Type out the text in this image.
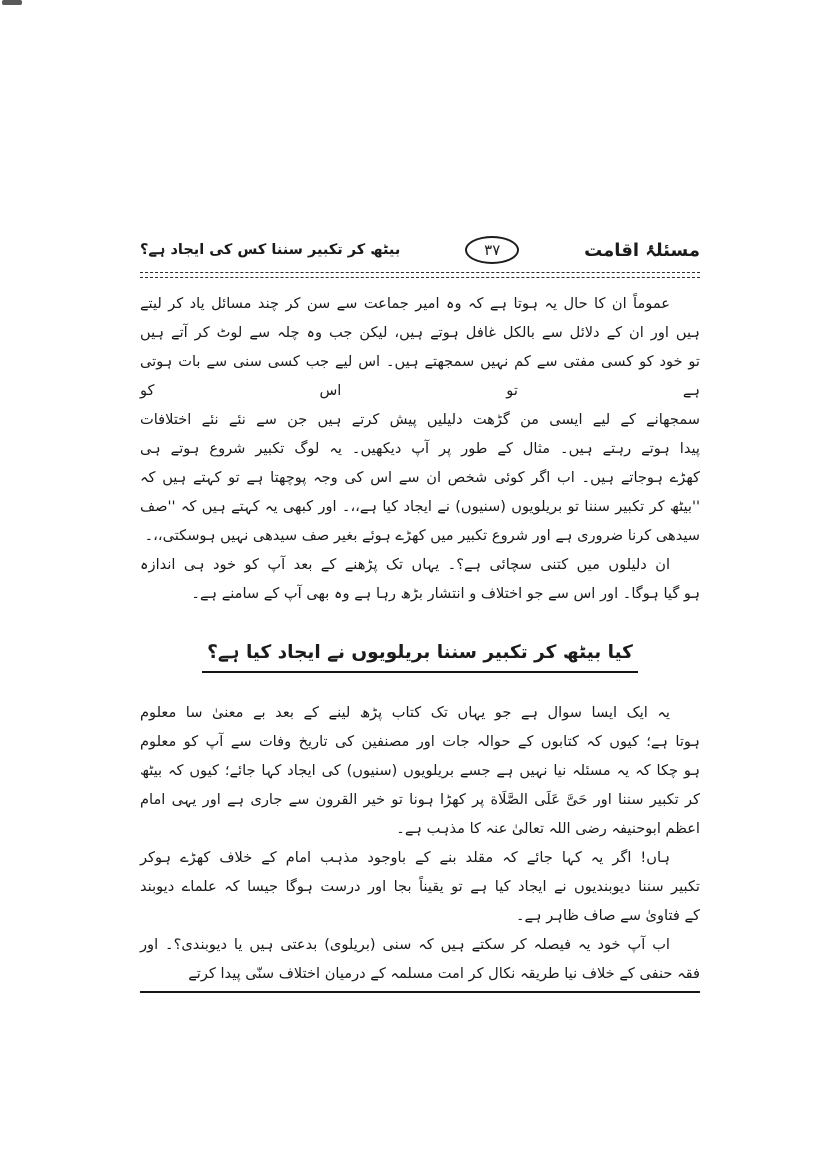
مسئلۂ اقامت
۳۷
بیٹھ کر تکبیر سننا کس کی ایجاد ہے؟
عموماً ان کا حال یہ ہوتا ہے کہ وہ امیر جماعت سے سن کر چند مسائل یاد کر لیتے
ہیں اور ان کے دلائل سے بالکل غافل ہوتے ہیں، لیکن جب وہ چلہ سے لوٹ کر آتے ہیں
تو خود کو کسی مفتی سے کم نہیں سمجھتے ہیں۔ اس لیے جب کسی سنی سے بات ہوتی ہے تو اس کو
سمجھانے کے لیے ایسی من گڑھت دلیلیں پیش کرتے ہیں جن سے نئے نئے اختلافات
پیدا ہوتے رہتے ہیں۔ مثال کے طور پر آپ دیکھیں۔ یہ لوگ تکبیر شروع ہوتے ہی
کھڑے ہوجاتے ہیں۔ اب اگر کوئی شخص ان سے اس کی وجہ پوچھتا ہے تو کہتے ہیں کہ
''بیٹھ کر تکبیر سننا تو بریلویوں (سنیوں) نے ایجاد کیا ہے،،۔ اور کبھی یہ کہتے ہیں کہ ''صف
سیدھی کرنا ضروری ہے اور شروع تکبیر میں کھڑے ہوئے بغیر صف سیدھی نہیں ہوسکتی،،۔
ان دلیلوں میں کتنی سچائی ہے؟۔ یہاں تک پڑھنے کے بعد آپ کو خود ہی اندازہ
ہو گیا ہوگا۔ اور اس سے جو اختلاف و انتشار بڑھ رہا ہے وہ بھی آپ کے سامنے ہے۔
کیا بیٹھ کر تکبیر سننا بریلویوں نے ایجاد کیا ہے؟
یہ ایک ایسا سوال ہے جو یہاں تک کتاب پڑھ لینے کے بعد بے معنیٰ سا معلوم
ہوتا ہے؛ کیوں کہ کتابوں کے حوالہ جات اور مصنفین کی تاریخ وفات سے آپ کو معلوم
ہو چکا کہ یہ مسئلہ نیا نہیں ہے جسے بریلویوں (سنیوں) کی ایجاد کہا جائے؛ کیوں کہ بیٹھ
کر تکبیر سننا اور حَیَّ عَلَی الصَّلَاة پر کھڑا ہونا تو خیر القرون سے جاری ہے اور یہی امام
اعظم ابوحنیفہ رضی اللہ تعالیٰ عنہ کا مذہب ہے۔
ہاں! اگر یہ کہا جائے کہ مقلد بنے کے باوجود مذہب امام کے خلاف کھڑے ہوکر
تکبیر سننا دیوبندیوں نے ایجاد کیا ہے تو یقیناً بجا اور درست ہوگا جیسا کہ علماے دیوبند
کے فتاویٰ سے صاف ظاہر ہے۔
اب آپ خود یہ فیصلہ کر سکتے ہیں کہ سنی (بریلوی) بدعتی ہیں یا دیوبندی؟۔ اور
فقہ حنفی کے خلاف نیا طریقہ نکال کر امت مسلمہ کے درمیان اختلاف سنّی پیدا کرتے
